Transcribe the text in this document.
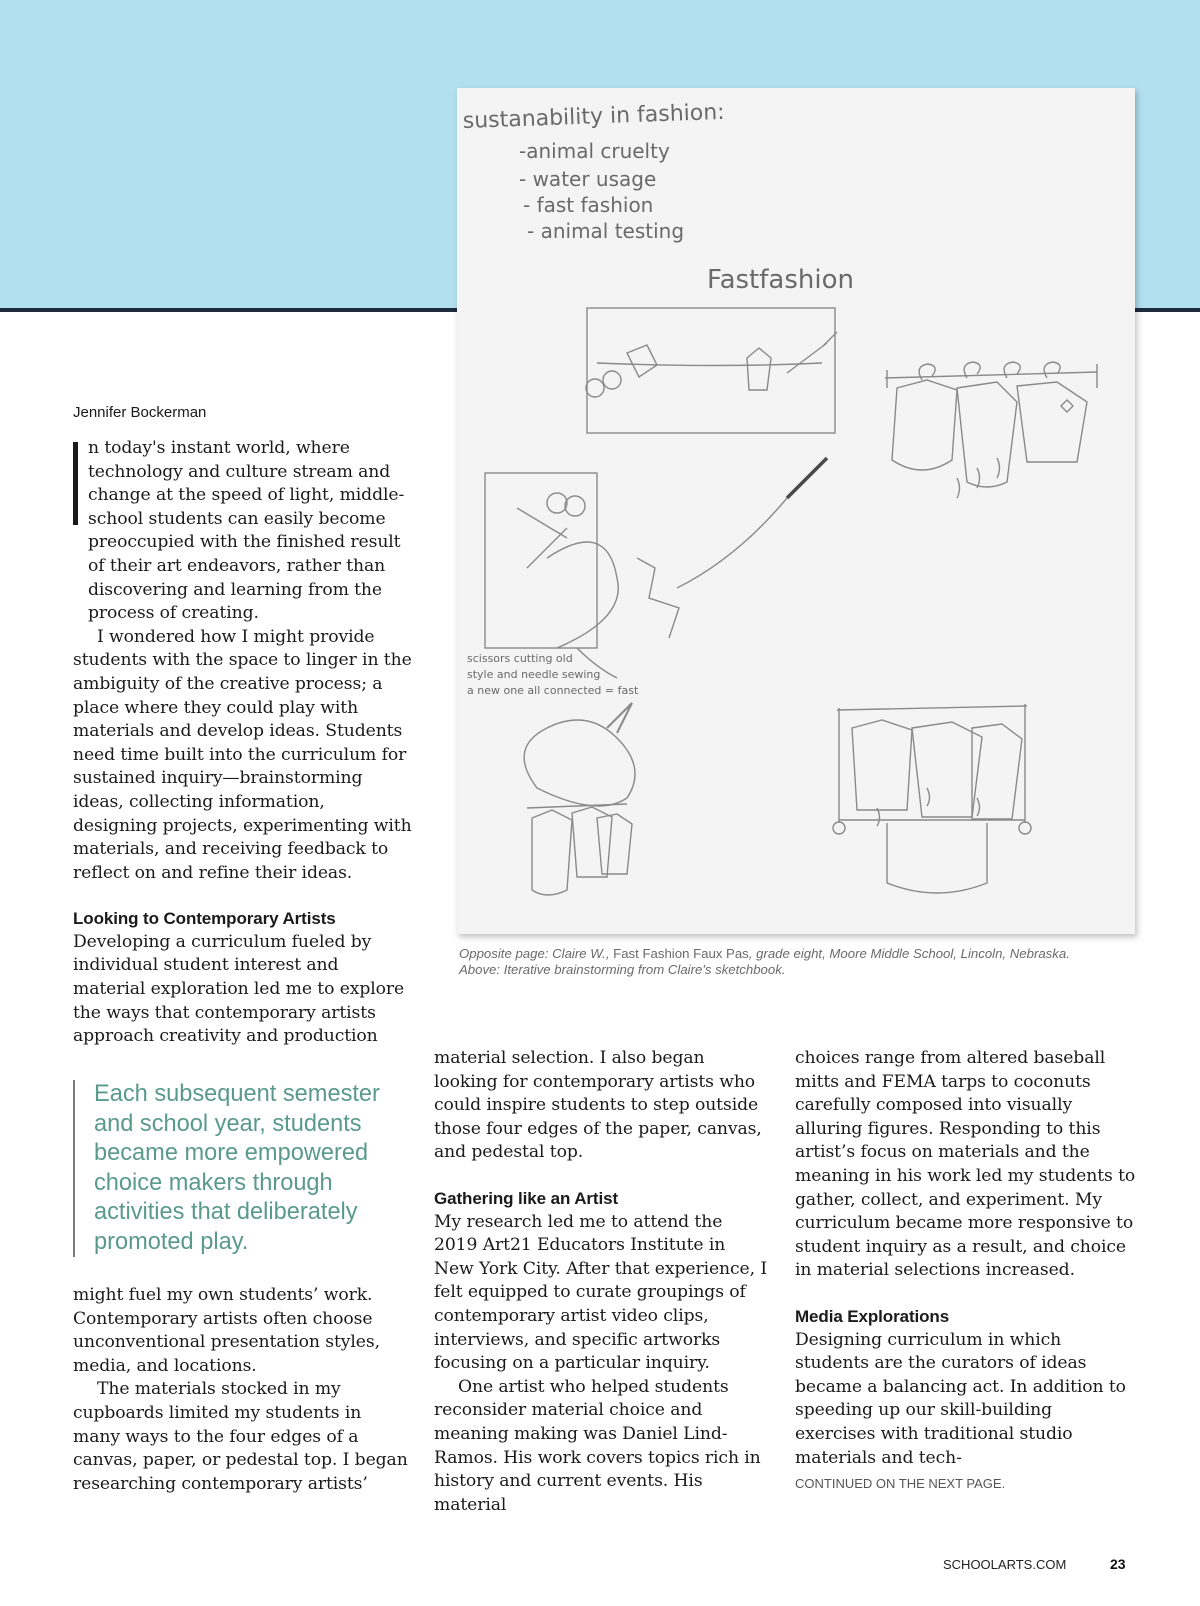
sustanability in fashion:
-animal cruelty
- water usage
- fast fashion
- animal testing
Fastfashion
scissors cutting old
style and needle sewing
a new one all connected = fast
Opposite page: Claire W., Fast Fashion Faux Pas, grade eight, Moore Middle School, Lincoln, Nebraska.
Above: Iterative brainstorming from Claire's sketchbook.
Jennifer Bockerman

n today's instant world, where technology and culture stream and change at the speed of light, middle-school students can easily become preoccupied with the finished result of their art endeavors, rather than discovering and learning from the process of creating.

I wondered how I might provide students with the space to linger in the ambiguity of the creative process; a place where they could play with materials and develop ideas. Students need time built into the curriculum for sustained inquiry—brainstorming ideas, collecting information, designing projects, experimenting with materials, and receiving feedback to reflect on and refine their ideas.

Looking to Contemporary Artists

Developing a curriculum fueled by individual student interest and material exploration led me to explore the ways that contemporary artists approach creativity and production

Each subsequent semester and school year, students became more empowered choice makers through activities that deliberately promoted play.

might fuel my own students’ work. Contemporary artists often choose unconventional presentation styles, media, and locations.

The materials stocked in my cupboards limited my students in many ways to the four edges of a canvas, paper, or pedestal top. I began researching contemporary artists’

material selection. I also began looking for contemporary artists who could inspire students to step outside those four edges of the paper, canvas, and pedestal top.

Gathering like an Artist

My research led me to attend the 2019 Art21 Educators Institute in New York City. After that experience, I felt equipped to curate groupings of contemporary artist video clips, interviews, and specific artworks focusing on a particular inquiry.

One artist who helped students reconsider material choice and meaning making was Daniel Lind-Ramos. His work covers topics rich in history and current events. His material

choices range from altered baseball mitts and FEMA tarps to coconuts carefully composed into visually alluring figures. Responding to this artist’s focus on materials and the meaning in his work led my students to gather, collect, and experiment. My curriculum became more responsive to student inquiry as a result, and choice in material selections increased.

Media Explorations

Designing curriculum in which students are the curators of ideas became a balancing act. In addition to speeding up our skill-building exercises with traditional studio materials and tech-

CONTINUED ON THE NEXT PAGE.
SCHOOLARTS.COM	23
